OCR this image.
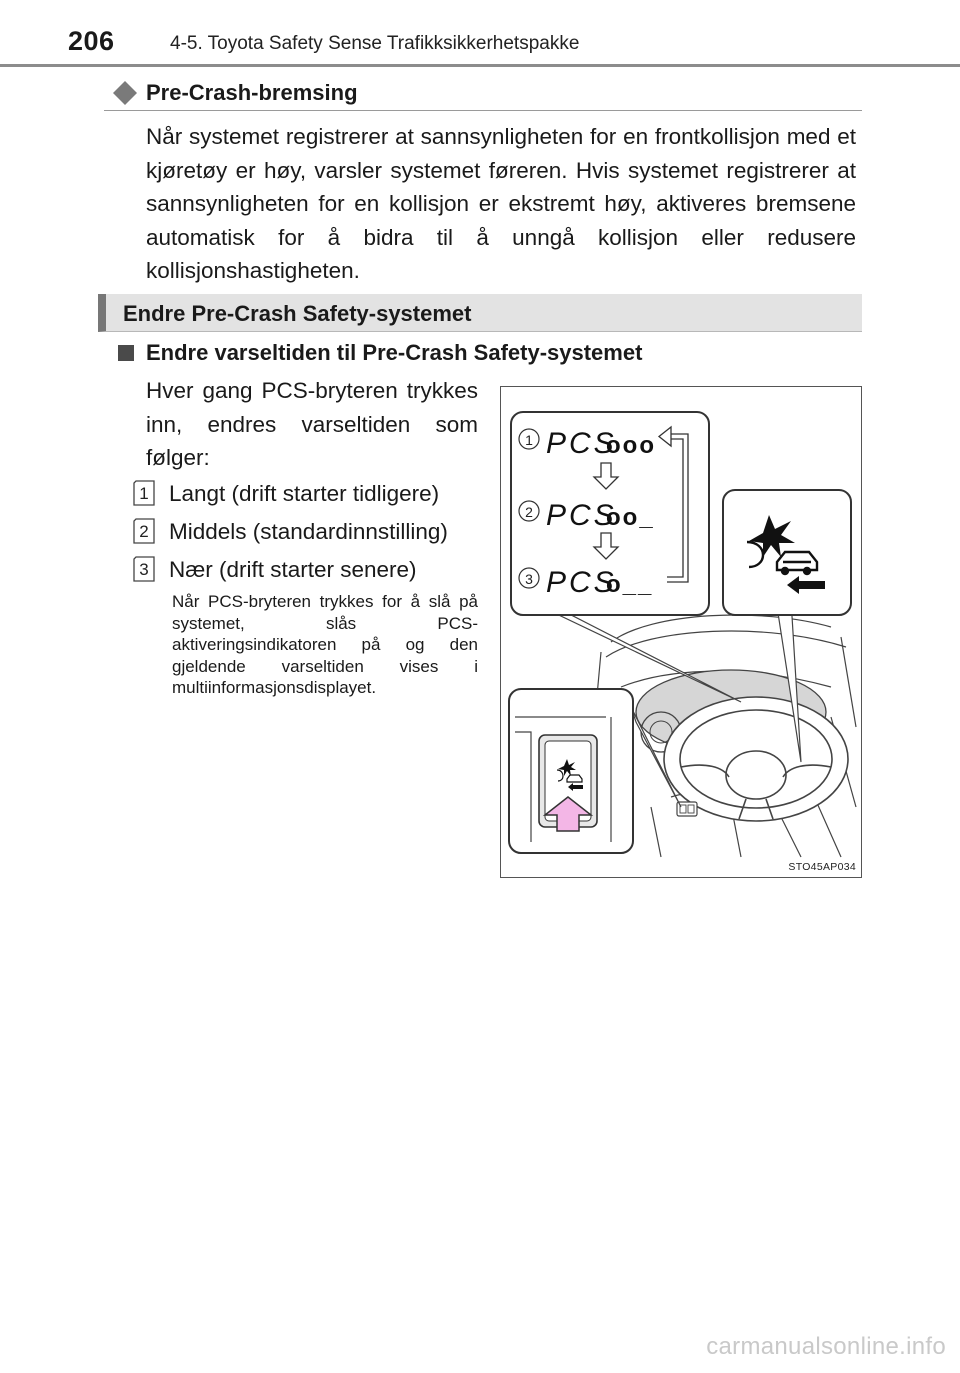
206	4-5. Toyota Safety Sense Trafikksikkerhetspakke
Pre-Crash-bremsing
Når systemet registrerer at sannsynligheten for en frontkollisjon med et kjøretøy er høy, varsler systemet føreren. Hvis systemet registrerer at sannsynligheten for en kollisjon er ekstremt høy, aktiveres bremsene automatisk for å bidra til å unngå kollisjon eller redusere kollisjonshastigheten.
Endre Pre-Crash Safety-systemet
Endre varseltiden til Pre-Crash Safety-systemet
Hver gang PCS-bryteren trykkes inn, endres varseltiden som følger:
1 Langt (drift starter tidligere)
2 Middels (standardinnstilling)
3 Nær (drift starter senere)
Når PCS-bryteren trykkes for å slå på systemet, slås PCS-aktiveringsindikatoren på og den gjeldende varseltiden vises i multiinformasjonsdisplayet.
1 PCS
ooo
2 PCS
oo_
3 PCS
o__
STO45AP034
carmanualsonline.info
